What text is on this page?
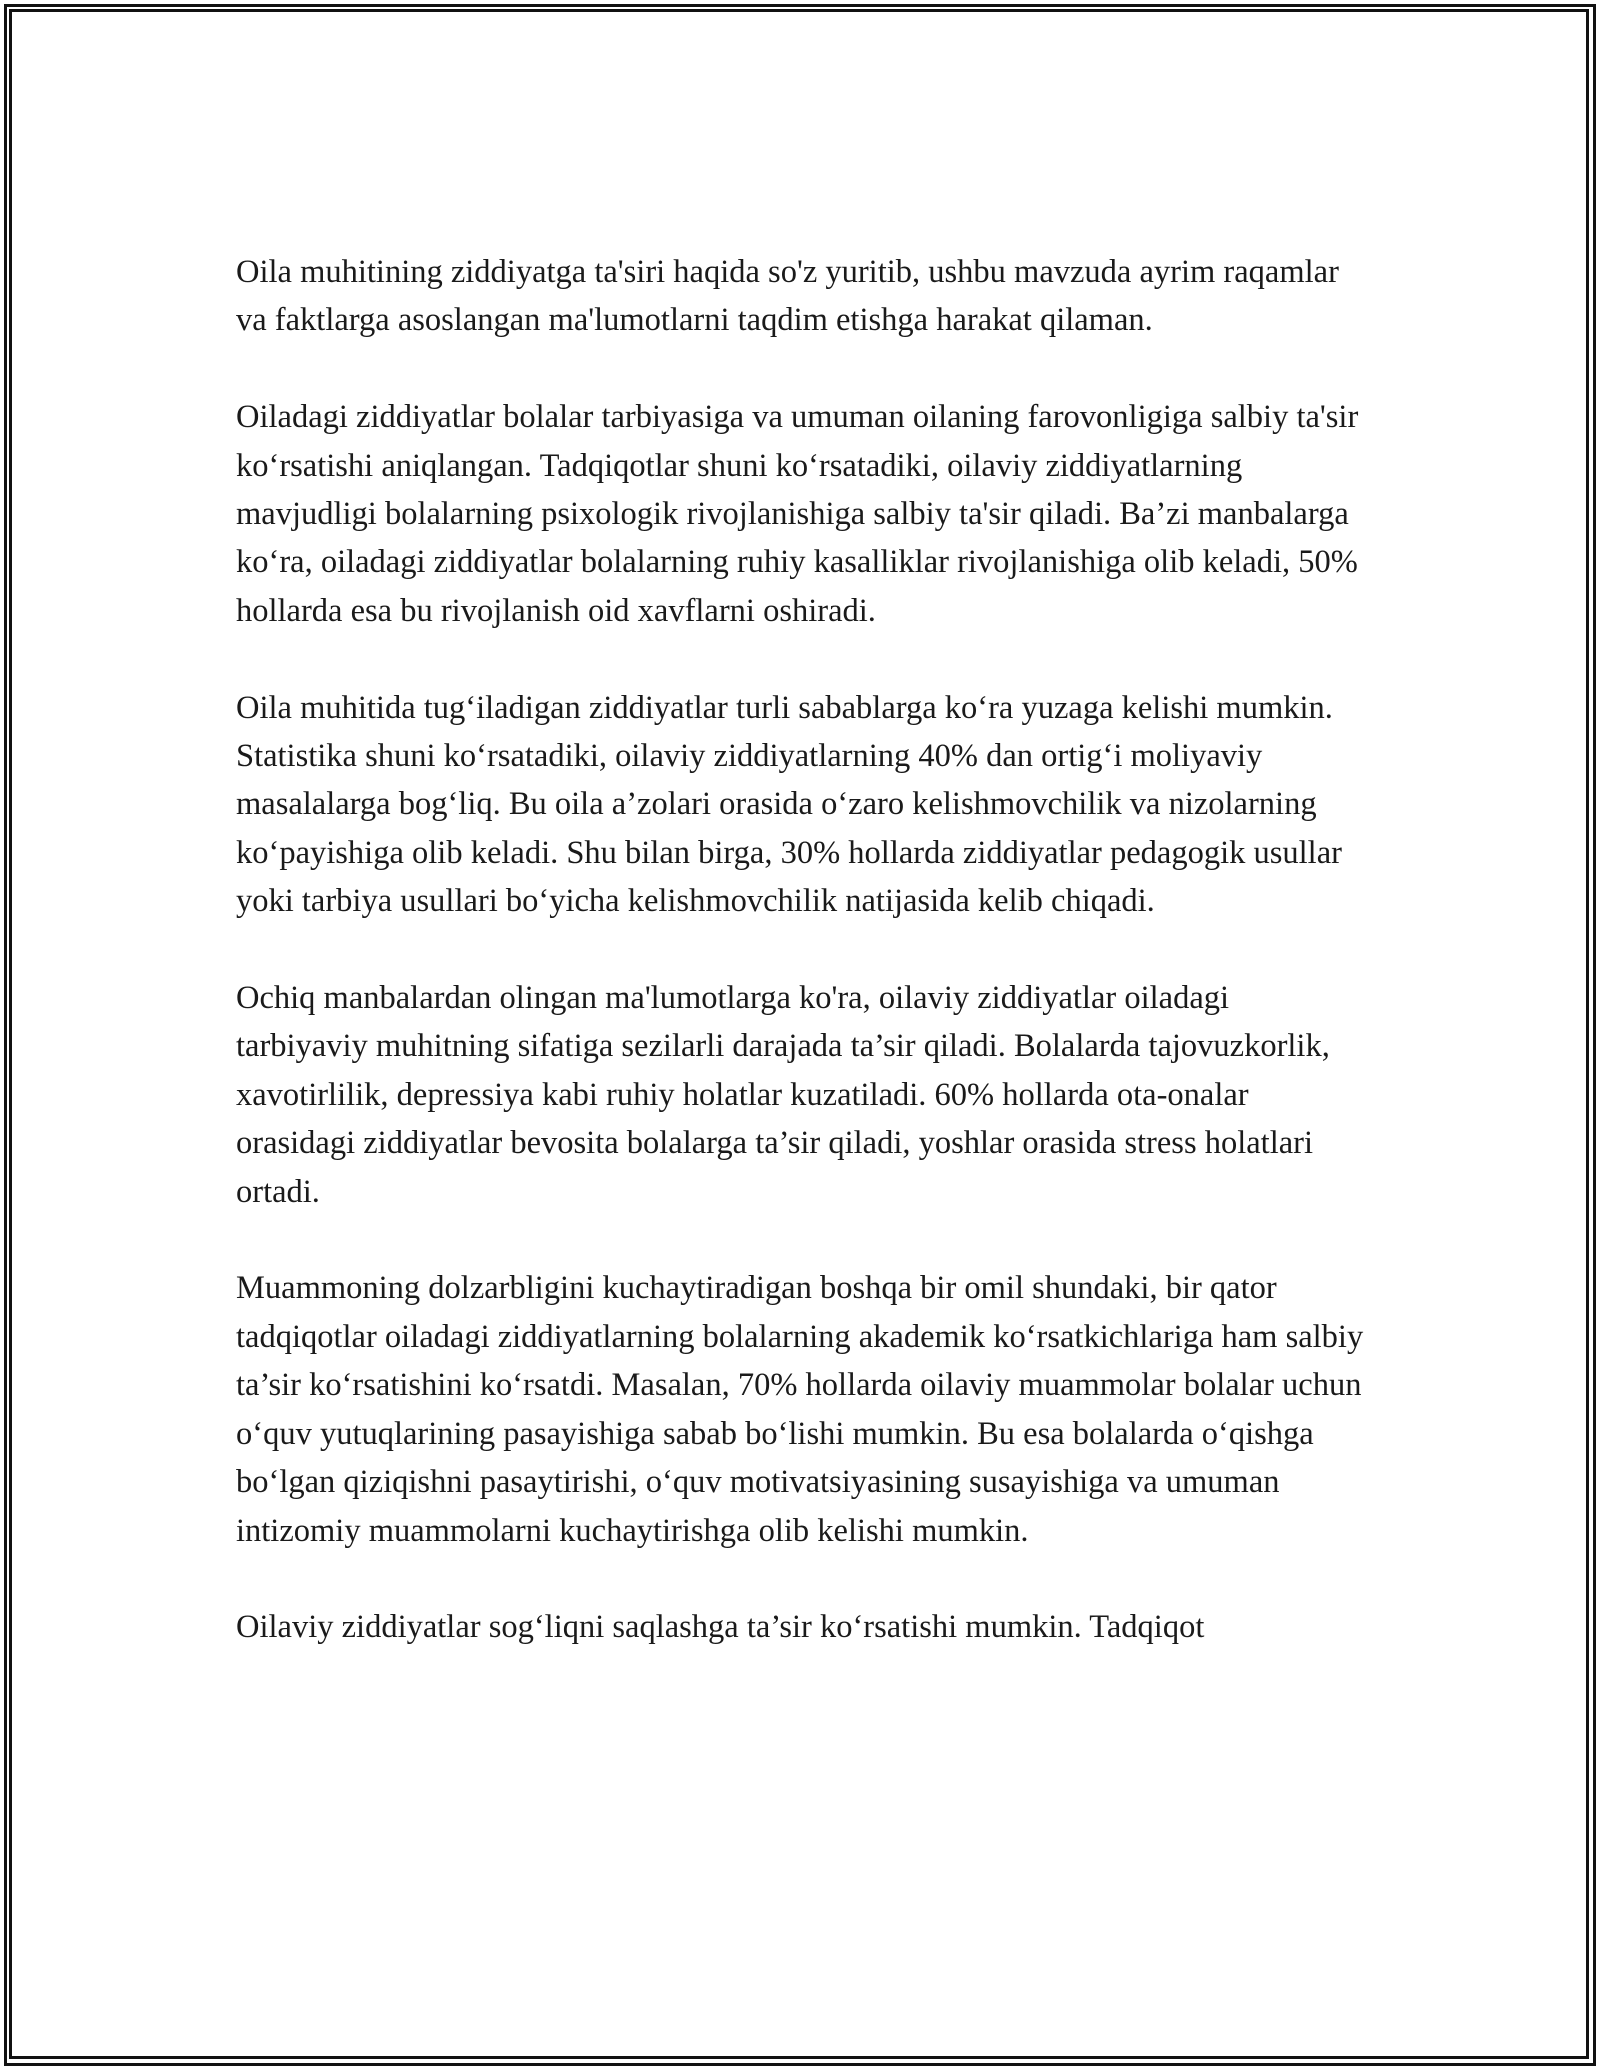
Oila muhitining ziddiyatga ta'siri haqida so'z yuritib, ushbu mavzuda ayrim raqamlar va faktlarga asoslangan ma'lumotlarni taqdim etishga harakat qilaman.

Oiladagi ziddiyatlar bolalar tarbiyasiga va umuman oilaning farovonligiga salbiy ta'sir koʻrsatishi aniqlangan. Tadqiqotlar shuni koʻrsatadiki, oilaviy ziddiyatlarning mavjudligi bolalarning psixologik rivojlanishiga salbiy ta'sir qiladi. Ba’zi manbalarga koʻra, oiladagi ziddiyatlar bolalarning ruhiy kasalliklar rivojlanishiga olib keladi, 50% hollarda esa bu rivojlanish oid xavflarni oshiradi.

Oila muhitida tugʻiladigan ziddiyatlar turli sabablarga koʻra yuzaga kelishi mumkin. Statistika shuni koʻrsatadiki, oilaviy ziddiyatlarning 40% dan ortigʻi moliyaviy masalalarga bogʻliq. Bu oila a’zolari orasida oʻzaro kelishmovchilik va nizolarning koʻpayishiga olib keladi. Shu bilan birga, 30% hollarda ziddiyatlar pedagogik usullar yoki tarbiya usullari boʻyicha kelishmovchilik natijasida kelib chiqadi.

Ochiq manbalardan olingan ma'lumotlarga ko'ra, oilaviy ziddiyatlar oiladagi tarbiyaviy muhitning sifatiga sezilarli darajada ta’sir qiladi. Bolalarda tajovuzkorlik, xavotirlilik, depressiya kabi ruhiy holatlar kuzatiladi. 60% hollarda ota-onalar orasidagi ziddiyatlar bevosita bolalarga ta’sir qiladi, yoshlar orasida stress holatlari ortadi.

Muammoning dolzarbligini kuchaytiradigan boshqa bir omil shundaki, bir qator tadqiqotlar oiladagi ziddiyatlarning bolalarning akademik koʻrsatkichlariga ham salbiy ta’sir koʻrsatishini koʻrsatdi. Masalan, 70% hollarda oilaviy muammolar bolalar uchun oʻquv yutuqlarining pasayishiga sabab boʻlishi mumkin. Bu esa bolalarda oʻqishga boʻlgan qiziqishni pasaytirishi, oʻquv motivatsiyasining susayishiga va umuman intizomiy muammolarni kuchaytirishga olib kelishi mumkin.

Oilaviy ziddiyatlar sogʻliqni saqlashga ta’sir koʻrsatishi mumkin. Tadqiqot
